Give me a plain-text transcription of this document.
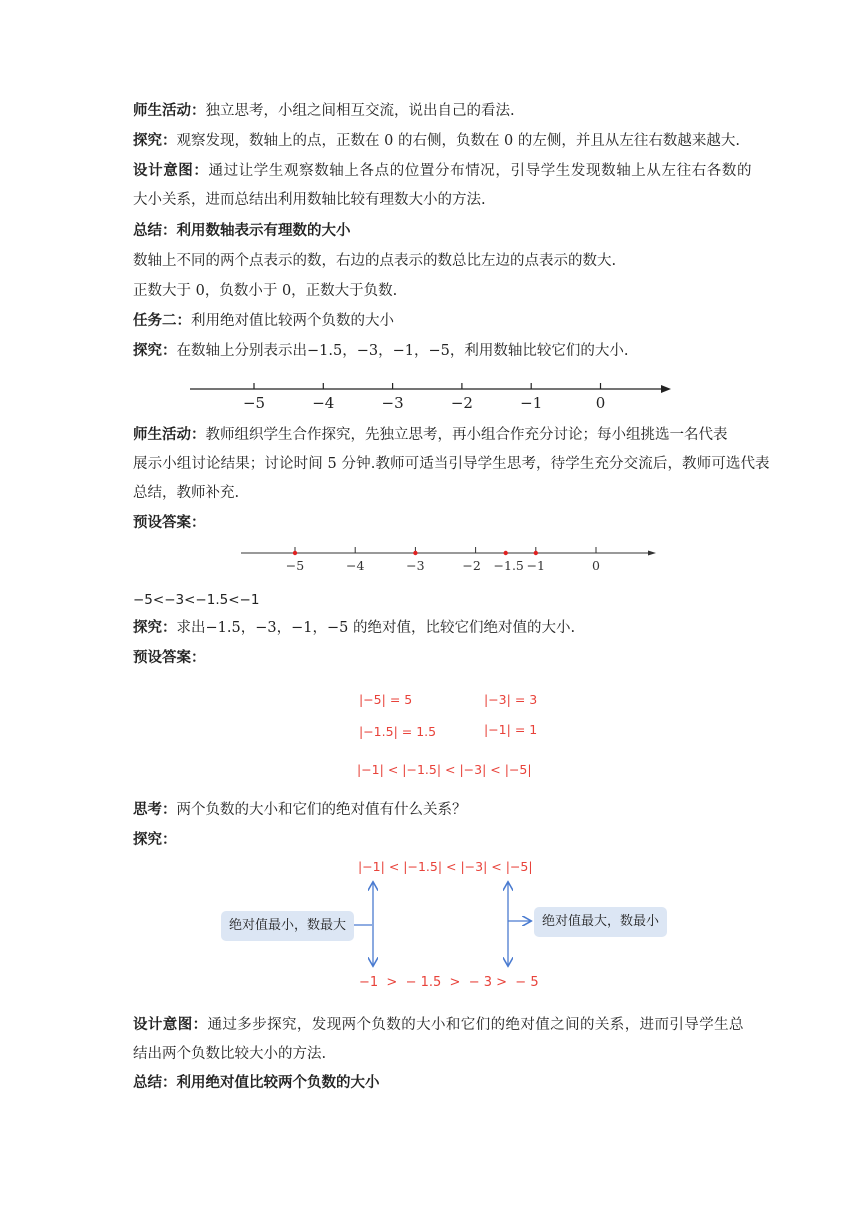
师生活动：独立思考，小组之间相互交流，说出自己的看法.
探究：观察发现，数轴上的点，正数在 0 的右侧，负数在 0 的左侧，并且从左往右数越来越大.
设计意图：通过让学生观察数轴上各点的位置分布情况，引导学生发现数轴上从左往右各数的
大小关系，进而总结出利用数轴比较有理数大小的方法.
总结：利用数轴表示有理数的大小
数轴上不同的两个点表示的数，右边的点表示的数总比左边的点表示的数大.
正数大于 0，负数小于 0，正数大于负数.
任务二：利用绝对值比较两个负数的大小
探究：在数轴上分别表示出−1.5，−3，−1，−5，利用数轴比较它们的大小.
−5	−4	−3	−2	−1	0
师生活动：教师组织学生合作探究，先独立思考，再小组合作充分讨论；每小组挑选一名代表
展示小组讨论结果；讨论时间 5 分钟.教师可适当引导学生思考，待学生充分交流后，教师可选代表
总结，教师补充.
预设答案：
−5	−4	−3	−2 −1.5 −1	0
−5<−3<−1.5<−1
探究：求出−1.5，−3，−1，−5 的绝对值，比较它们绝对值的大小.
预设答案：
|−5| = 5	|−3| = 3
|−1.5| = 1.5	|−1| = 1
|−1| < |−1.5| < |−3| < |−5|
思考：两个负数的大小和它们的绝对值有什么关系？
探究：
|−1| < |−1.5| < |−3| < |−5|
绝对值最小，数最大	绝对值最大，数最小
−1  >  − 1.5  >  − 3 >  − 5
设计意图：通过多步探究，发现两个负数的大小和它们的绝对值之间的关系，进而引导学生总
结出两个负数比较大小的方法.
总结：利用绝对值比较两个负数的大小
